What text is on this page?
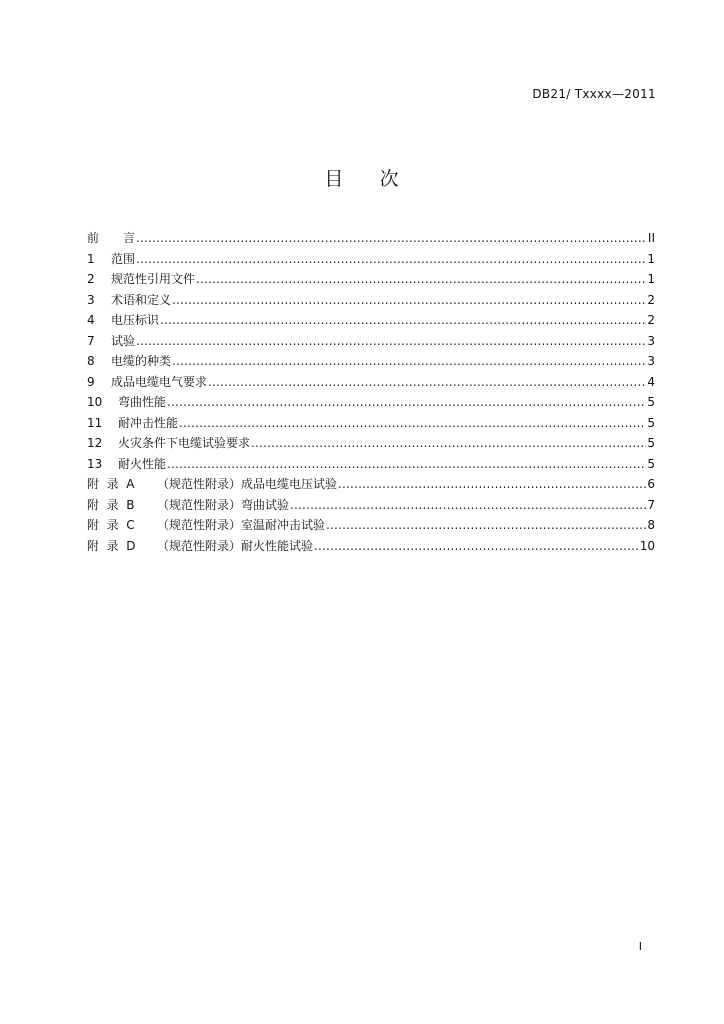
DB21/ Txxxx—2011
目     次
前	言 .....	II
1	范围 .....	1
2	规范性引用文件 .....	1
3	术语和定义 .....	2
4	电压标识 .....	2
7	试验 .....	3
8	电缆的种类 .....	3
9	成品电缆电气要求 .....	4
10	弯曲性能 .....	5
11	耐冲击性能 .....	5
12	火灾条件下电缆试验要求 .....	5
13	耐火性能 .....	5
附  录  A	（规范性附录）成品电缆电压试验 .....	6
附  录  B	（规范性附录）弯曲试验 .....	7
附  录  C	（规范性附录）室温耐冲击试验 .....	8
附  录  D	（规范性附录）耐火性能试验 .....	10
I
